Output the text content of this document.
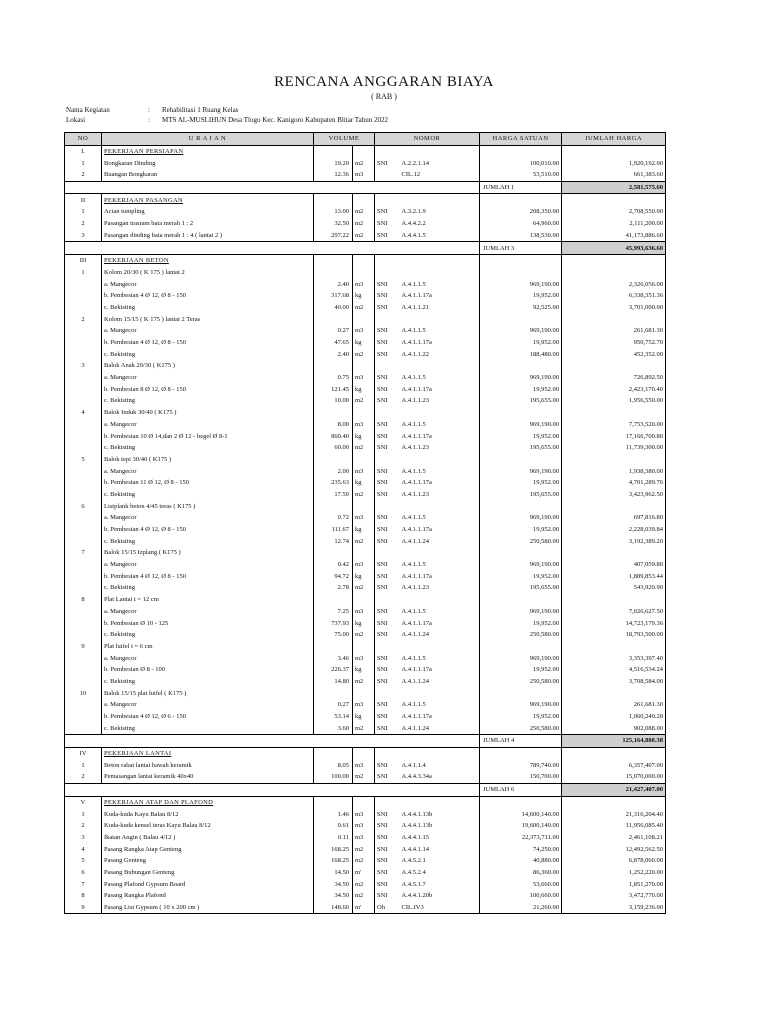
RENCANA ANGGARAN BIAYA
( RAB )
Nama Kegiatan	: Rehabilitasi 1 Ruang Kelas
Lokasi	: MTS AL-MUSLIHUN Desa Tlogo Kec. Kanigoro Kabupaten Blitar Tahun 2022
NO	U R A I A N	VOLUME		NOMOR		HARGA SATUAN	JUMLAH HARGA
I.	PEKERJAAN PERSIAPAN						
1	Bongkaran Dinding	19.20	m2	SNI	A.2.2.1.14	100,010.00	1,920,192.00
2	Buangan Bongkaran	12.36	m3		CIL.12	53,510.00	661,383.60
						JUMLAH 1	2,581,575.60
II	PEKERJAAN PASANGAN						
1	Acian tumpling	13.00	m2	SNI	A.3.2.1.9	208,350.00	2,708,550.00
2	Pasangan trasram bata merah 1 : 2	32.50	m2	SNI	A.4.4.2.2	64,960.00	2,111,200.00
3	Pasangan dinding bata merah 1 : 4 ( lantai 2 )	297.22	m2	SNI	A.4.4.1.5	138,530.00	41,173,886.60
						JUMLAH 3	45,993,636.60
III	PEKERJAAN BETON						
1	Kolom 20/30 ( K 175 ) lantai 2						
	a. Mangecor	2.40	m3	SNI	A.4.1.1.5	969,190.00	2,326,056.00
	b. Pembesian 4 Ø 12, Ø 8 - 150	317.68	kg	SNI	A.4.1.1.17a	19,952.00	6,338,351.36
	c. Bekisting	40.00	m2	SNI	A.4.1.1.21	92,525.00	3,701,000.00
2	Kolom 15/15 ( K 175 ) lantai 2 Teras						
	a. Mangecor	0.27	m3	SNI	A.4.1.1.5	969,190.00	261,681.30
	b. Pembesian 4 Ø 12, Ø 8 - 150	47.65	kg	SNI	A.4.1.1.17a	19,952.00	950,752.70
	c. Bekisting	2.40	m2	SNI	A.4.1.1.22	188,480.00	452,352.00
3	Balok Anak 20/30 ( K175 )						
	a. Mangecor	0.75	m3	SNI	A.4.1.1.5	969,190.00	726,892.50
	b. Pembesian 8 Ø 12, Ø 8 - 150	121.45	kg	SNI	A.4.1.1.17a	19,952.00	2,423,170.40
	c. Bekisting	10.00	m2	SNI	A.4.1.1.23	195,655.00	1,956,550.00
4	Balok Induk 30/40 ( K175 )						
	a. Mangecor	8.00	m3	SNI	A.4.1.1.5	969,190.00	7,753,520.00
	b. Pembesian 10 Ø 14,dan 2 Ø 12 - begel Ø 8-1	860.40	kg	SNI	A.4.1.1.17a	19,952.00	17,166,700.80
	c. Bekisting	60.00	m2	SNI	A.4.1.1.23	195,655.00	11,739,300.00
5	Balok tepi 30/40 ( K175 )						
	a. Mangecor	2.00	m3	SNI	A.4.1.1.5	969,190.00	1,938,380.00
	b. Pembesian 11 Ø 12, Ø 8 - 150	235.63	kg	SNI	A.4.1.1.17a	19,952.00	4,701,289.76
	c. Bekisting	17.50	m2	SNI	A.4.1.1.23	195,655.00	3,423,962.50
6	Listplank beton 4/45 teras ( K175 )						
	a. Mangecor	0.72	m3	SNI	A.4.1.1.5	969,190.00	697,816.80
	b. Pembesian 4 Ø 12, Ø 8 - 150	111.67	kg	SNI	A.4.1.1.17a	19,952.00	2,228,039.84
	c. Bekisting	12.74	m2	SNI	A.4.1.1.24	250,580.00	3,192,389.20
7	Balok 15/15 Izplang ( K175 )						
	a. Mangecor	0.42	m3	SNI	A.4.1.1.5	969,190.00	407,059.80
	b. Pembesian 4 Ø 12, Ø 8 - 150	94.72	kg	SNI	A.4.1.1.17a	19,952.00	1,889,853.44
	c. Bekisting	2.78	m2	SNI	A.4.1.1.23	195,655.00	543,920.90
8	Plat Lantai t = 12 cm						
	a. Mangecor	7.25	m3	SNI	A.4.1.1.5	969,190.00	7,026,627.50
	b. Pembesian Ø 10 - 125	737.93	kg	SNI	A.4.1.1.17a	19,952.00	14,723,179.36
	c. Bekisting	75.00	m2	SNI	A.4.1.1.24	250,580.00	18,793,500.00
9	Plat luifel t = 6 cm						
	a. Mangecor	3.46	m3	SNI	A.4.1.1.5	969,190.00	3,353,397.40
	b. Pembesian Ø 8 - 100	226.37	kg	SNI	A.4.1.1.17a	19,952.00	4,516,534.24
	c. Bekisting	14.80	m2	SNI	A.4.1.1.24	250,580.00	3,708,584.00
10	Balok 15/15 plat luifel ( K175 )						
	a. Mangecor	0.27	m3	SNI	A.4.1.1.5	969,190.00	261,681.30
	b. Pembesian 4 Ø 12, Ø 6 - 150	53.14	kg	SNI	A.4.1.1.17a	19,952.00	1,060,249.28
	c. Bekisting	3.60	m2	SNI	A.4.1.1.24	250,580.00	902,088.00
						JUMLAH 4	125,164,880.38
IV	PEKERJAAN LANTAI						
1	Beton rabat lantai bawah keramik	8.05	m3	SNI	A.4.1.1.4	789,740.00	6,357,407.00
2	Pemasangan lantai keramik 40x40	100.00	m2	SNI	A.4.4.3.34a	150,700.00	15,070,000.00
						JUMLAH 6	21,427,407.00
V	PEKERJAAN ATAP DAN PLAFOND						
1	Kuda-kuda Kayu Balau 8/12	1.46	m3	SNI	A.4.4.1.13b	14,600,140.00	21,316,204.40
2	Kuda-kuda kensel teras Kayu Balau 8/12	0.61	m3	SNI	A.4.4.1.13b	19,600,140.00	11,956,085.40
3	Ikatan Angin ( Balau 4/12 )	0.11	m3	SNI	A.4.4.1.15	22,373,711.00	2,461,108.21
4	Pasang Rangka Atap Genteng	168.25	m2	SNI	A.4.4.1.14	74,250.00	12,492,562.50
5	Pasang Genteng	168.25	m2	SNI	A.4.5.2.1	40,880.00	6,878,060.00
6	Pasang Bubungan Genteng	14.50	m'	SNI	A.4.5.2.4	86,360.00	1,252,220.00
7	Pasang Plafond Gypsum Board	34.50	m2	SNI	A.4.5.1.7	53,660.00	1,851,270.00
8	Pasang Rangka Plafond	34.50	m2	SNI	A.4.4.1.20b	100,660.00	3,472,770.00
9	Pasang List Gypsum ( 10 x 200 cm )	148.60	m'	Oh	CIL.IV3	21,260.00	3,159,236.00
